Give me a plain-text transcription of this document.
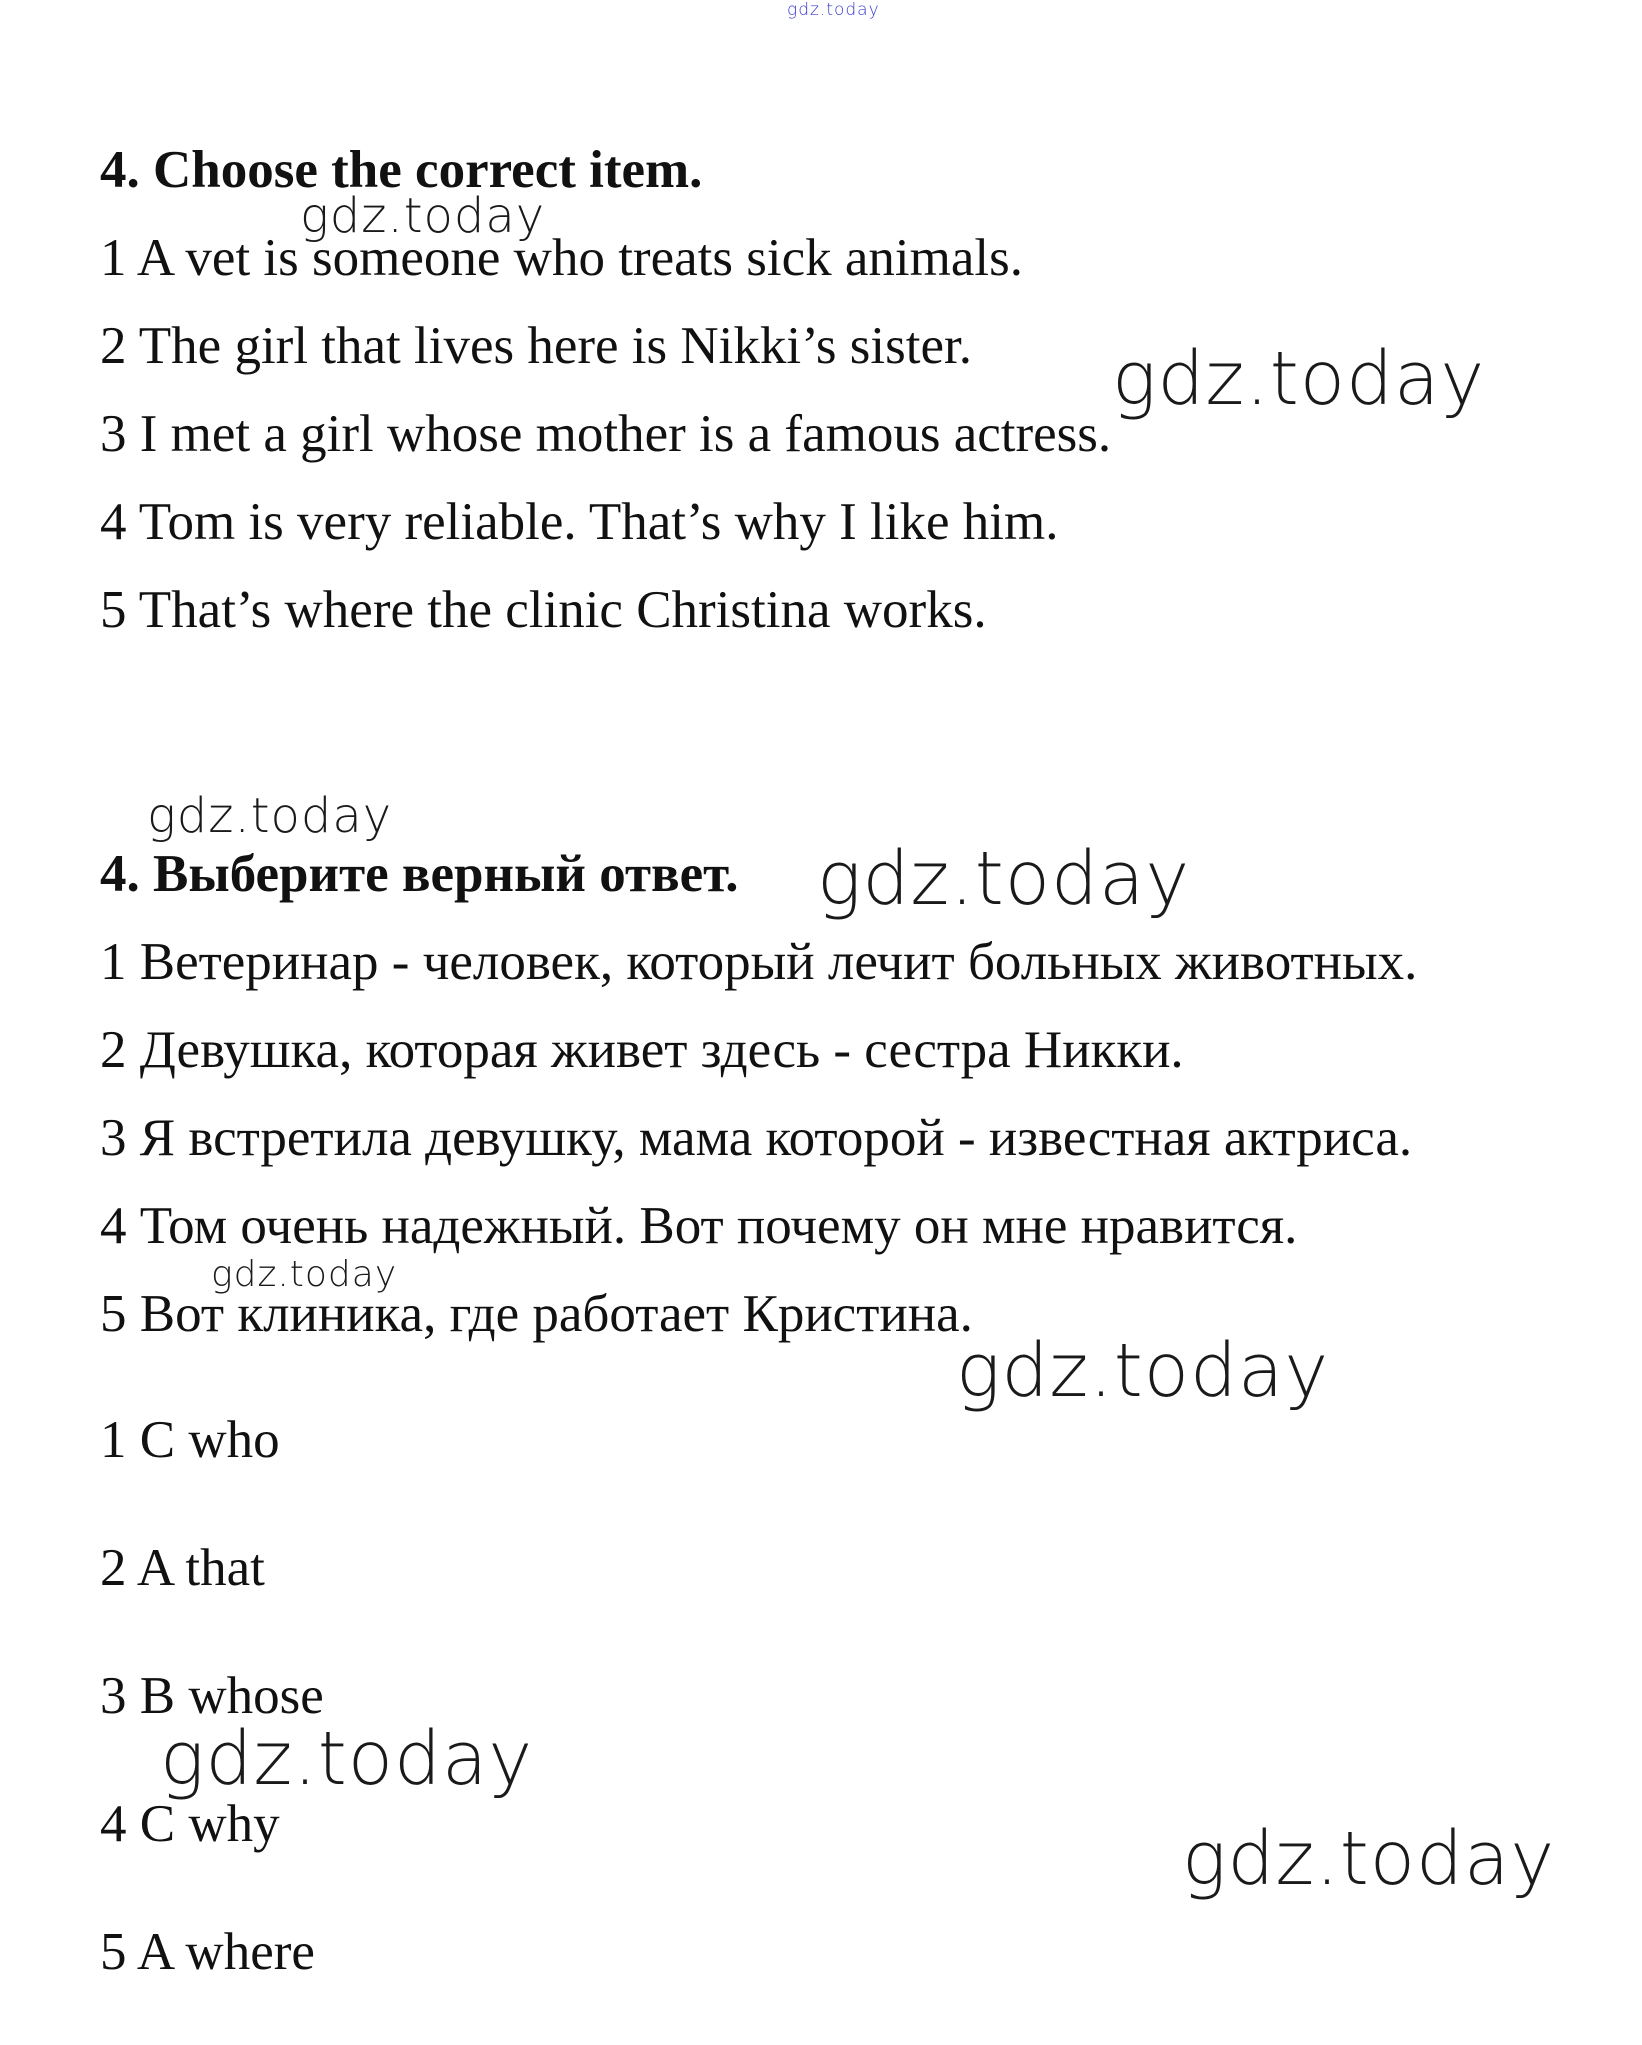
4. Choose the correct item.

1 A vet is someone who treats sick animals.

2 The girl that lives here is Nikki’s sister.

3 I met a girl whose mother is a famous actress.

4 Tom is very reliable. That’s why I like him.

5 That’s where the clinic Christina works.

4. Выберите верный ответ.

1 Ветеринар - человек, который лечит больных животных.

2 Девушка, которая живет здесь - сестра Никки.

3 Я встретила девушку, мама которой - известная актриса.

4 Том очень надежный. Вот почему он мне нравится.

5 Вот клиника, где работает Кристина.

1 C who

2 A that

3 B whose

4 C why

5 A where

gdz.today
gdz.today
gdz.today
gdz.today
gdz.today
gdz.today
gdz.today
gdz.today
gdz.today
